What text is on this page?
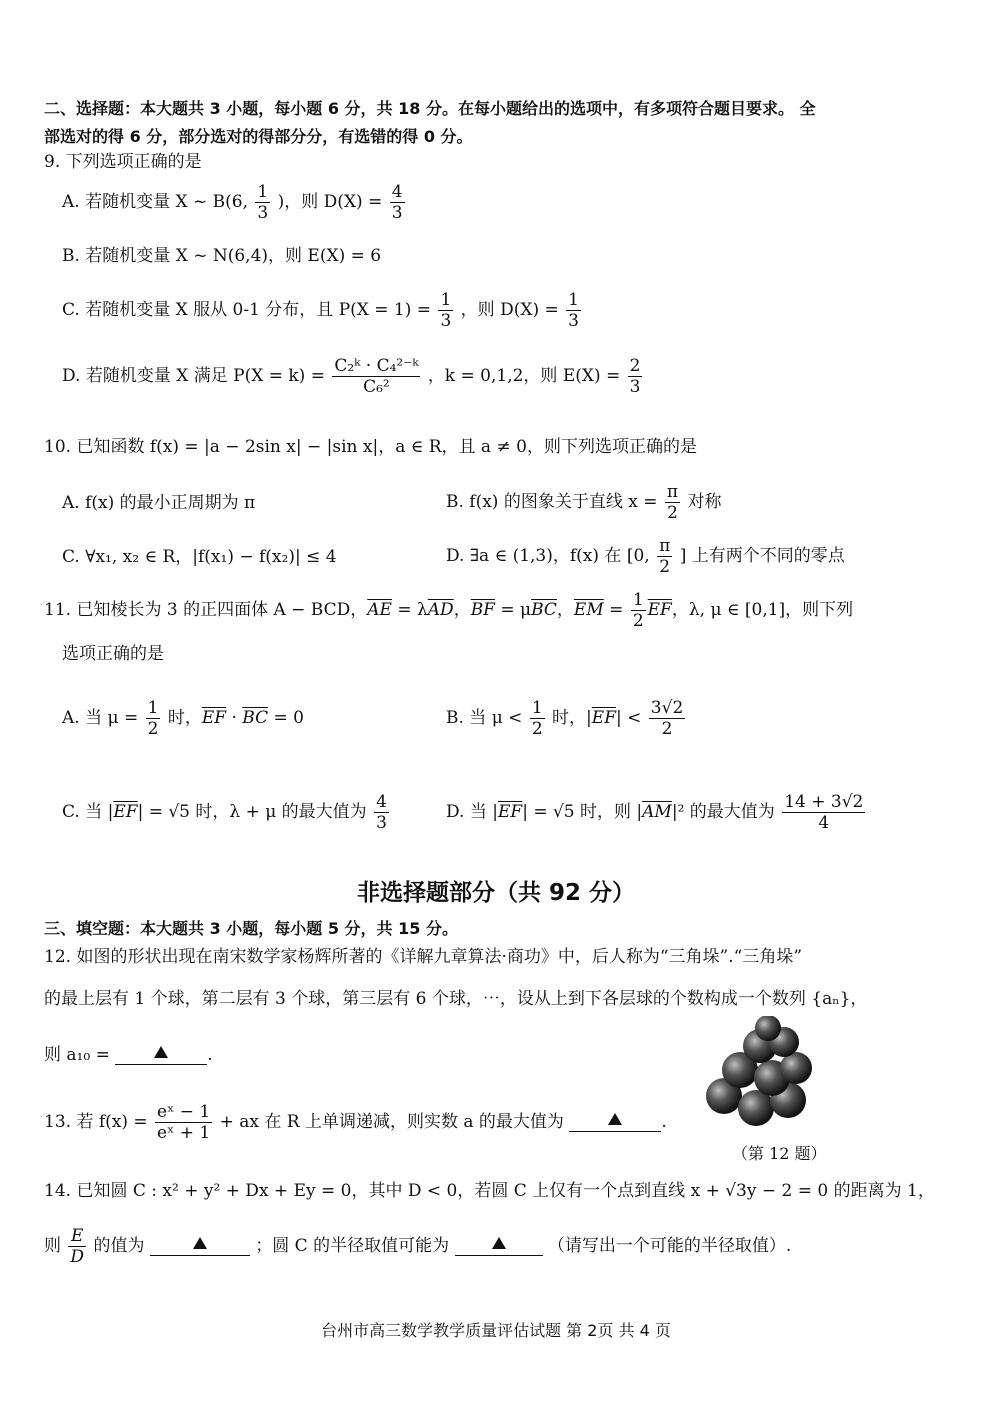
二、选择题：本大题共 3 小题，每小题 6 分，共 18 分。在每小题给出的选项中，有多项符合题目要求。 全
部选对的得 6 分，部分选对的得部分分，有选错的得 0 分。
9. 下列选项正确的是
A. 若随机变量 X ~ B(6, $\frac{1}{3}$ )，则 $D(X) = \frac{4}{3}$
B. 若随机变量 X ~ N(6,4)，则 E(X) = 6
C. 若随机变量 X 服从 0-1 分布，且 $P(X = 1) = \frac{1}{3}$ ，则 $D(X) = \frac{1}{3}$
D. 若随机变量 X 满足 $P(X = k) = \frac{\text{C₂ᵏ · C₄²⁻ᵏ}}{\text{C₆²}}$ ，k = 0,1,2，则 $E(X) = \frac{2}{3}$
10. 已知函数 f(x) = |a − 2sin x| − |sin x|，a ∈ R，且 a ≠ 0，则下列选项正确的是
A. f(x) 的最小正周期为 π	B. f(x) 的图象关于直线 $x = \frac{\pi}{2}$ 对称
C. ∀x₁, x₂ ∈ R，|f(x₁) − f(x₂)| ≤ 4	D. ∃a ∈ (1,3)，f(x) 在 [0, $\frac{\pi}{2}$ ] 上有两个不同的零点
11. 已知棱长为 3 的正四面体 A − BCD，$\overline{AE} = \lambda\overline{AD}$，$\overline{BF} = \mu\overline{BC}$，$\overline{EM} = \frac{1}{2} \overline{EF}$，λ, μ ∈ [0,1]，则下列
选项正确的是
A. 当 $\mu = \frac{1}{2}$ 时，$\overline{EF} \cdot \overline{BC} = 0$	B. 当 $\mu < \frac{1}{2}$ 时，$|\overline{EF}| < \frac{3√2}{2}$
C. 当 $|\overline{EF}| = √5$ 时，λ + μ 的最大值为 $\frac{4}{3}$	D. 当 $|\overline{EF}| = √5$ 时，则 $|\overline{AM}|^2$ 的最大值为 $\frac{14 + 3√2}{4}$
非选择题部分（共 92 分）
三、填空题：本大题共 3 小题，每小题 5 分，共 15 分。
12. 如图的形状出现在南宋数学家杨辉所著的《详解九章算法·商功》中，后人称为“三角垛”.“三角垛”
的最上层有 1 个球，第二层有 3 个球，第三层有 6 个球，⋯，设从上到下各层球的个数构成一个数列 {aₙ}，
则 a₁₀ =	.
（第 12 题）
13. 若 $f(x) = \frac{\text{eˣ − 1}}{\text{eˣ + 1}}$ + ax 在 R 上单调递减，则实数 a 的最大值为	.
14. 已知圆 C : x² + y² + Dx + Ey = 0，其中 D < 0，若圆 C 上仅有一个点到直线 x + √3y − 2 = 0 的距离为 1，
则 $\frac{E}{D}$ 的值为	；圆 C 的半径取值可能为	（请写出一个可能的半径取值）.
台州市高三数学教学质量评估试题 第 2页 共 4 页
